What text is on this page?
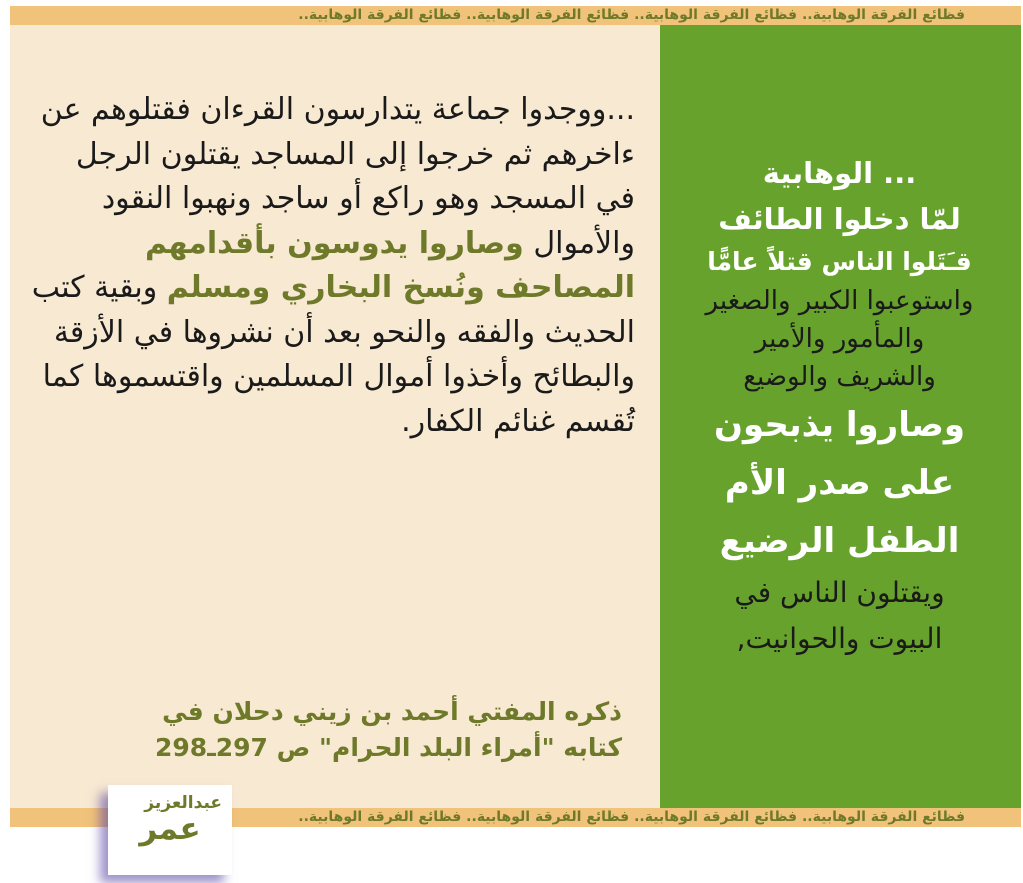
فظائع الفرقة الوهابية.. فظائع الفرقة الوهابية.. فظائع الفرقة الوهابية.. فظائع الفرقة الوهابية..
...ووجدوا جماعة يتدارسون القرءان فقتلوهم عن ءاخرهم ثم خرجوا إلى المساجد يقتلون الرجل في المسجد وهو راكع أو ساجد ونهبوا النقود والأموال وصاروا يدوسون بأقدامهم المصاحف ونُسخ البخاري ومسلم وبقية كتب الحديث والفقه والنحو بعد أن نشروها في الأزقة والبطائح وأخذوا أموال المسلمين واقتسموها كما تُقسم غنائم الكفار.
ذكره المفتي أحمد بن زيني دحلان في
كتابه "أمراء البلد الحرام" ص 297ـ298
... الوهابية
لمّا دخلوا الطائف
قـَتَلوا الناس قتلاً عامًّا
واستوعبوا الكبير والصغير
والمأمور والأمير
والشريف والوضيع
وصاروا يذبحون
على صدر الأم
الطفل الرضيع
ويقتلون الناس في
البيوت والحوانيت,
فظائع الفرقة الوهابية.. فظائع الفرقة الوهابية.. فظائع الفرقة الوهابية.. فظائع الفرقة الوهابية..
عبدالعزيز
عمر
